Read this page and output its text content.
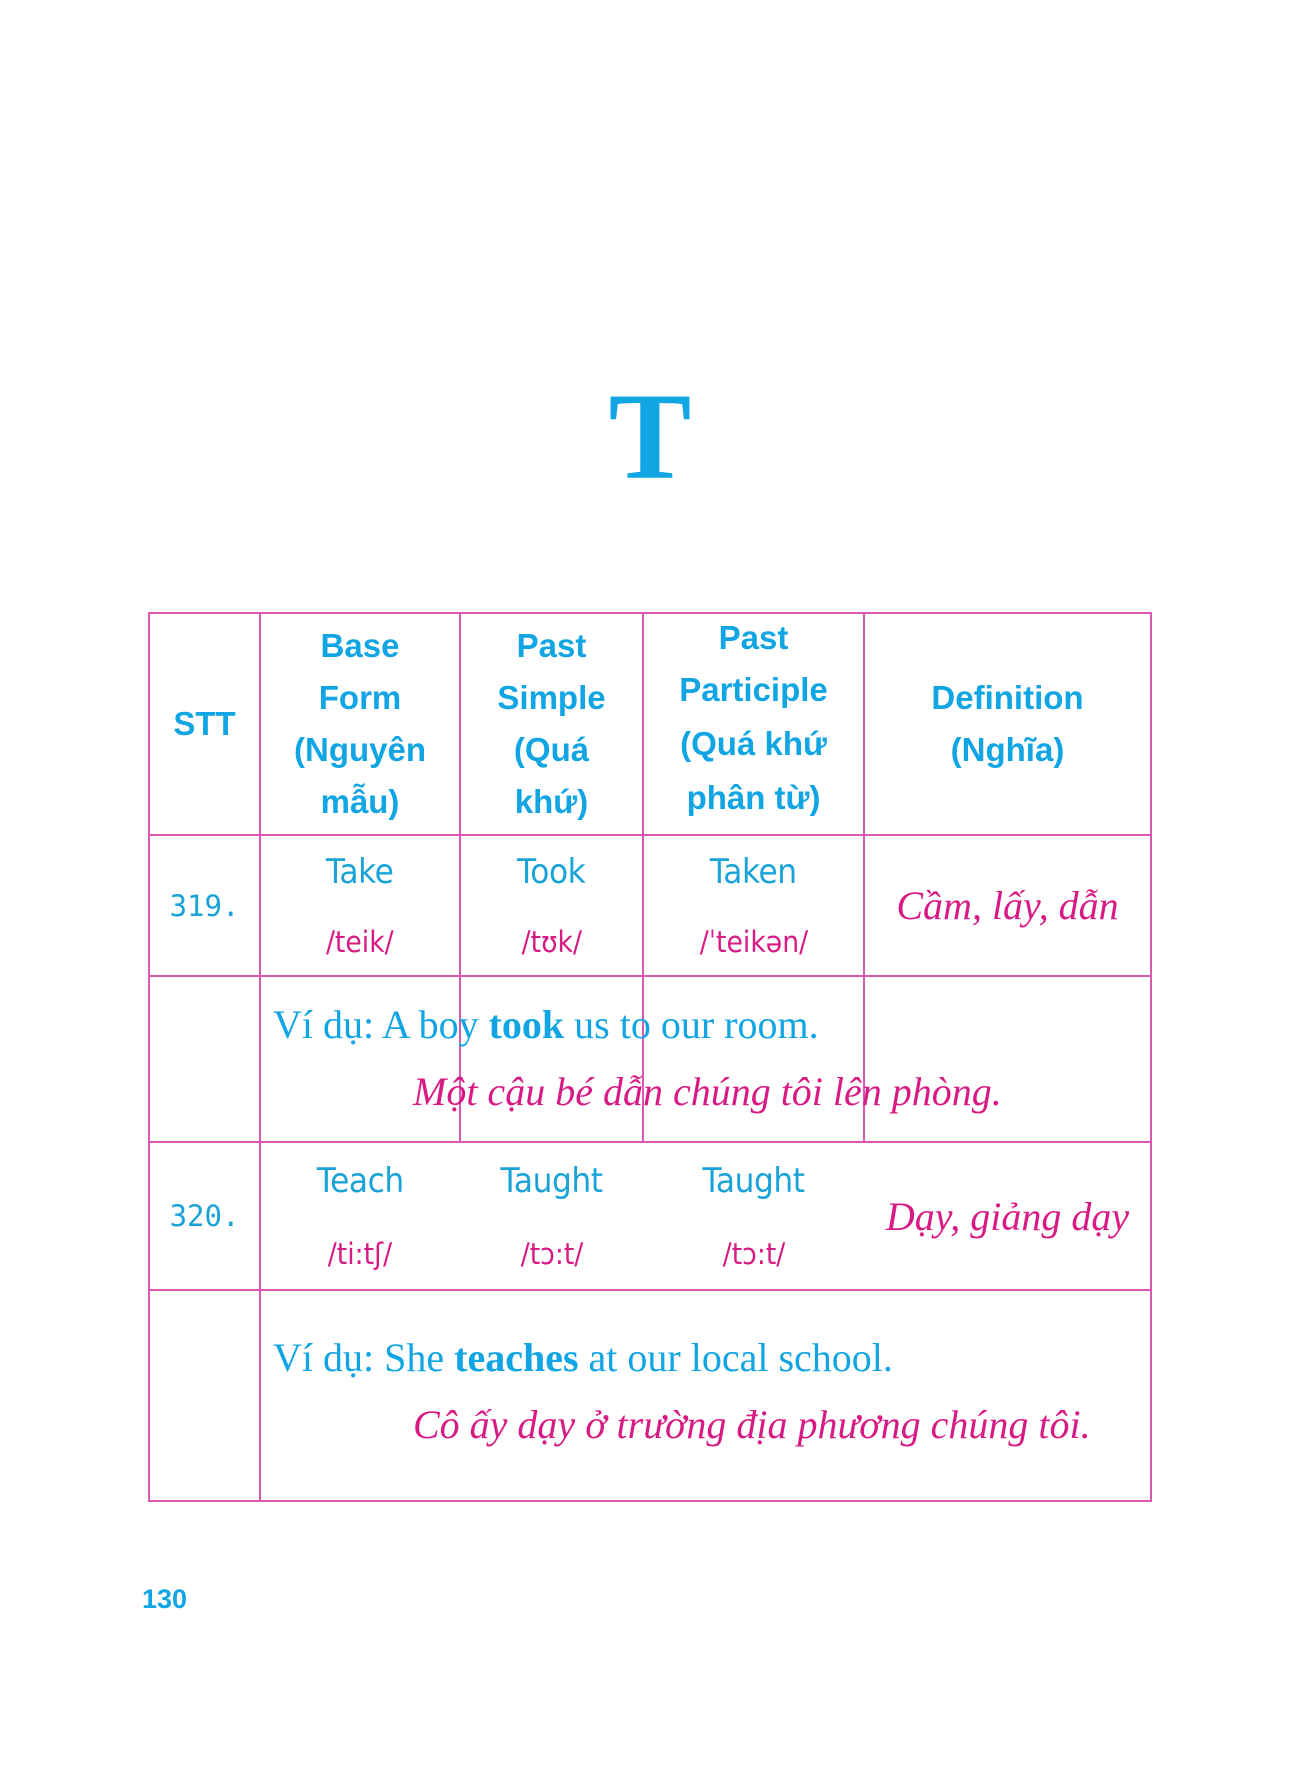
T
STT
Base
Form
(Nguyên
mẫu)
Past
Simple
(Quá
khứ)
Past
Participle
(Quá khứ
phân từ)
Definition
(Nghĩa)
319.
Take
/teik/
Took
/tʊk/
Taken
/ˈteikən/
Cầm, lấy, dẫn
Ví dụ: A boy took us to our room.
Một cậu bé dẫn chúng tôi lên phòng.
320.
Teach
/ti:tʃ/
Taught
/tɔ:t/
Taught
/tɔ:t/
Dạy, giảng dạy
Ví dụ: She teaches at our local school.
Cô ấy dạy ở trường địa phương chúng tôi.
130
